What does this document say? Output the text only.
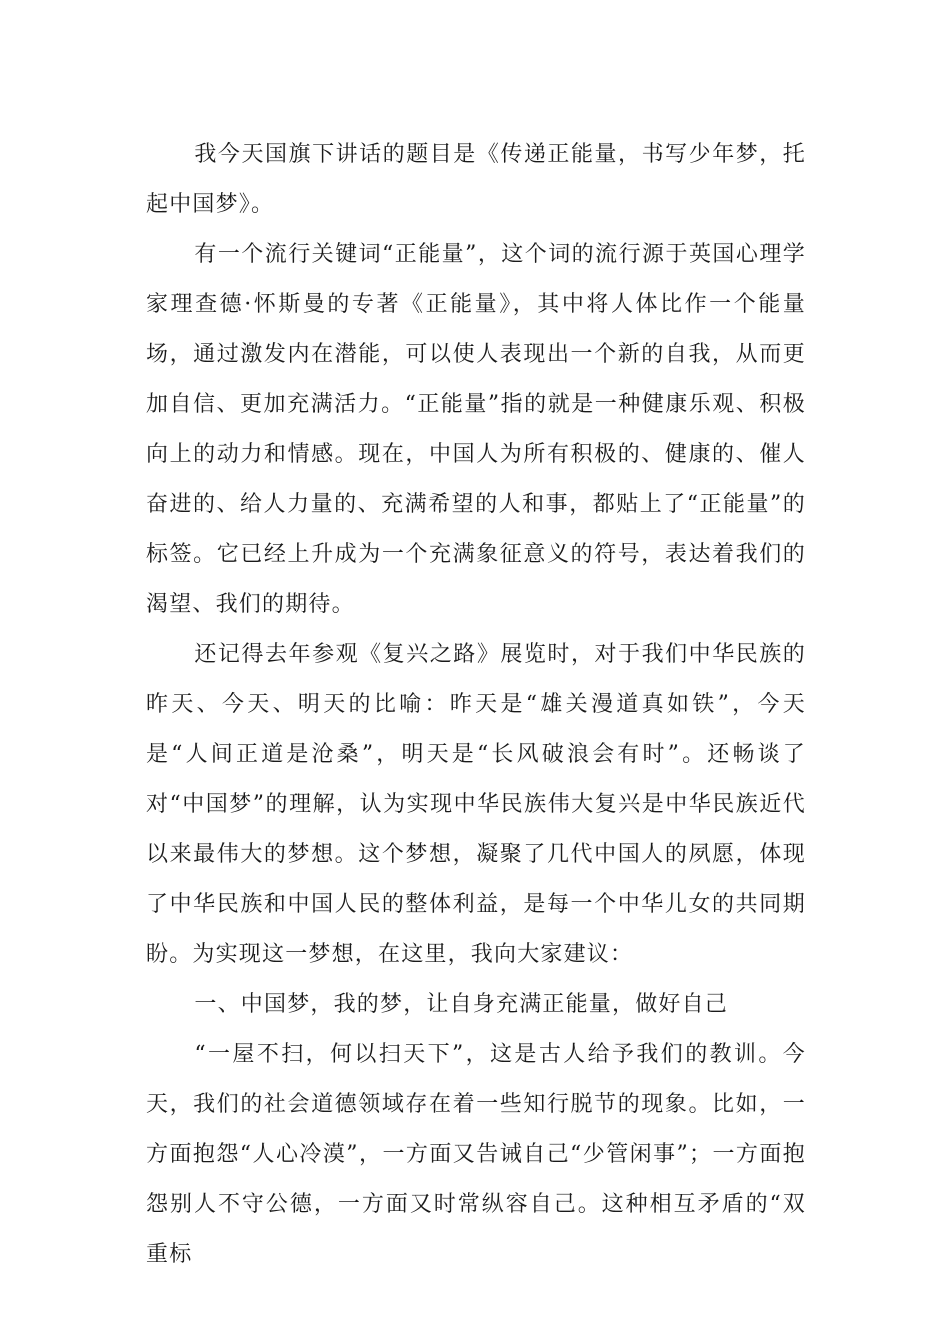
我今天国旗下讲话的题目是《传递正能量，书写少年梦，托起中国梦》。

有一个流行关键词“正能量”，这个词的流行源于英国心理学家理查德·怀斯曼的专著《正能量》，其中将人体比作一个能量场，通过激发内在潜能，可以使人表现出一个新的自我，从而更加自信、更加充满活力。“正能量”指的就是一种健康乐观、积极向上的动力和情感。现在，中国人为所有积极的、健康的、催人奋进的、给人力量的、充满希望的人和事，都贴上了“正能量”的标签。它已经上升成为一个充满象征意义的符号，表达着我们的渴望、我们的期待。

还记得去年参观《复兴之路》展览时，对于我们中华民族的昨天、今天、明天的比喻：昨天是“雄关漫道真如铁”，今天是“人间正道是沧桑”，明天是“长风破浪会有时”。还畅谈了对“中国梦”的理解，认为实现中华民族伟大复兴是中华民族近代以来最伟大的梦想。这个梦想，凝聚了几代中国人的夙愿，体现了中华民族和中国人民的整体利益，是每一个中华儿女的共同期盼。为实现这一梦想，在这里，我向大家建议：

一、中国梦，我的梦，让自身充满正能量，做好自己

“一屋不扫，何以扫天下”，这是古人给予我们的教训。今天，我们的社会道德领域存在着一些知行脱节的现象。比如，一方面抱怨“人心冷漠”，一方面又告诫自己“少管闲事”；一方面抱怨别人不守公德，一方面又时常纵容自己。这种相互矛盾的“双重标
